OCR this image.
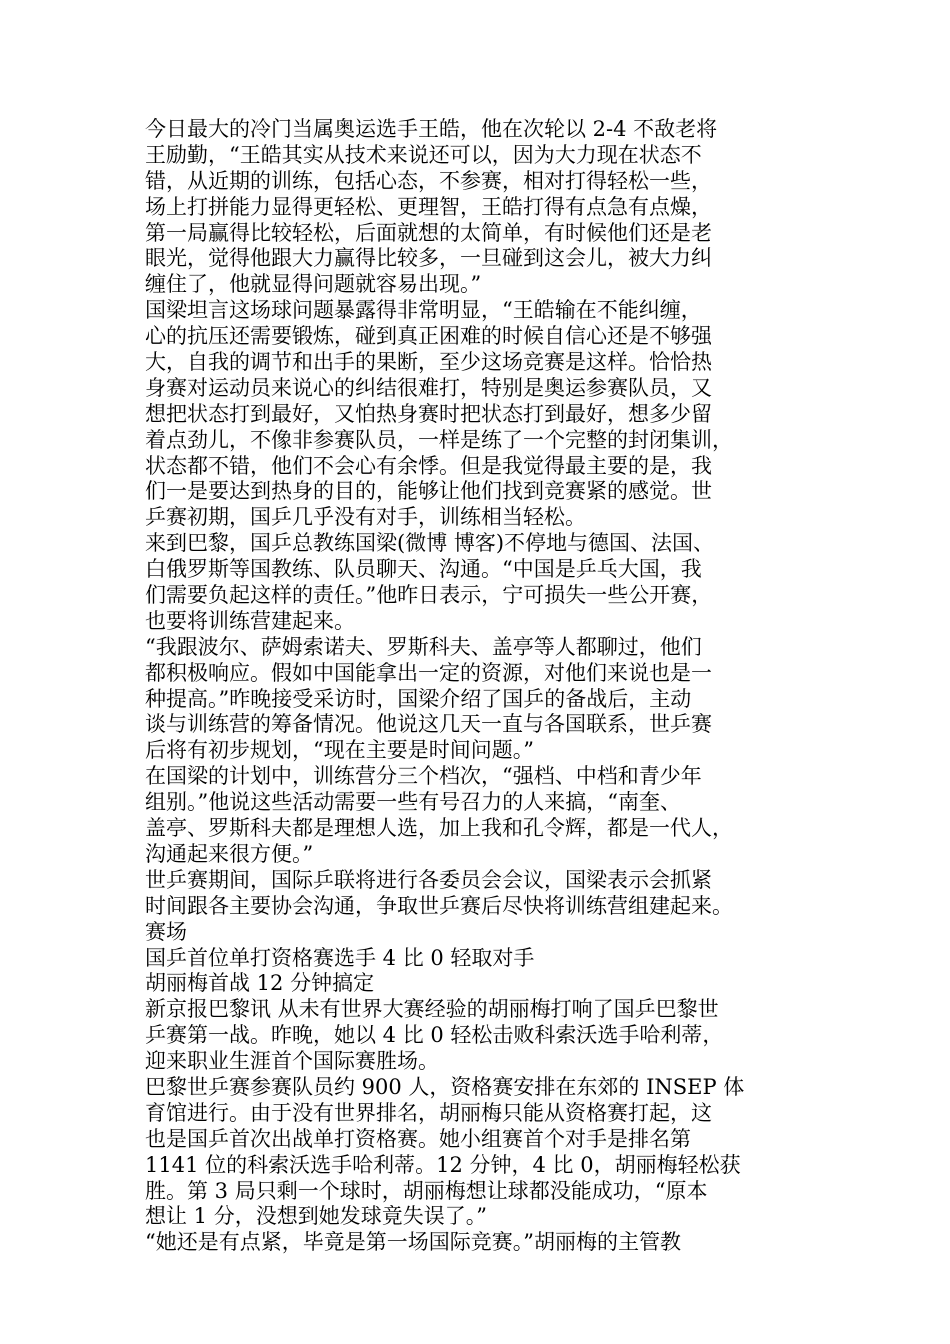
今日最大的冷门当属奥运选手王皓，他在次轮以 2-4 不敌老将
王励勤，“王皓其实从技术来说还可以，因为大力现在状态不
错，从近期的训练，包括心态，不参赛，相对打得轻松一些，
场上打拼能力显得更轻松、更理智，王皓打得有点急有点燥，
第一局赢得比较轻松，后面就想的太简单，有时候他们还是老
眼光，觉得他跟大力赢得比较多，一旦碰到这会儿，被大力纠
缠住了，他就显得问题就容易出现。”
国梁坦言这场球问题暴露得非常明显，“王皓输在不能纠缠，
心的抗压还需要锻炼，碰到真正困难的时候自信心还是不够强
大，自我的调节和出手的果断，至少这场竞赛是这样。恰恰热
身赛对运动员来说心的纠结很难打，特别是奥运参赛队员，又
想把状态打到最好，又怕热身赛时把状态打到最好，想多少留
着点劲儿，不像非参赛队员，一样是练了一个完整的封闭集训，
状态都不错，他们不会心有余悸。但是我觉得最主要的是，我
们一是要达到热身的目的，能够让他们找到竞赛紧的感觉。世
乒赛初期，国乒几乎没有对手，训练相当轻松。
来到巴黎，国乒总教练国梁(微博 博客)不停地与德国、法国、
白俄罗斯等国教练、队员聊天、沟通。“中国是乒乓大国，我
们需要负起这样的责任。”他昨日表示，宁可损失一些公开赛，
也要将训练营建起来。
“我跟波尔、萨姆索诺夫、罗斯科夫、盖亭等人都聊过，他们
都积极响应。假如中国能拿出一定的资源，对他们来说也是一
种提高。”昨晚接受采访时，国梁介绍了国乒的备战后，主动
谈与训练营的筹备情况。他说这几天一直与各国联系，世乒赛
后将有初步规划，“现在主要是时间问题。”
在国梁的计划中，训练营分三个档次，“强档、中档和青少年
组别。”他说这些活动需要一些有号召力的人来搞，“南奎、
盖亭、罗斯科夫都是理想人选，加上我和孔令辉，都是一代人，
沟通起来很方便。”
世乒赛期间，国际乒联将进行各委员会会议，国梁表示会抓紧
时间跟各主要协会沟通，争取世乒赛后尽快将训练营组建起来。
赛场
国乒首位单打资格赛选手 4 比 0 轻取对手
胡丽梅首战 12 分钟搞定
新京报巴黎讯 从未有世界大赛经验的胡丽梅打响了国乒巴黎世
乒赛第一战。昨晚，她以 4 比 0 轻松击败科索沃选手哈利蒂，
迎来职业生涯首个国际赛胜场。
巴黎世乒赛参赛队员约 900 人，资格赛安排在东郊的 INSEP 体
育馆进行。由于没有世界排名，胡丽梅只能从资格赛打起，这
也是国乒首次出战单打资格赛。她小组赛首个对手是排名第
1141 位的科索沃选手哈利蒂。12 分钟，4 比 0，胡丽梅轻松获
胜。第 3 局只剩一个球时，胡丽梅想让球都没能成功，“原本
想让 1 分，没想到她发球竟失误了。”
“她还是有点紧，毕竟是第一场国际竞赛。”胡丽梅的主管教
